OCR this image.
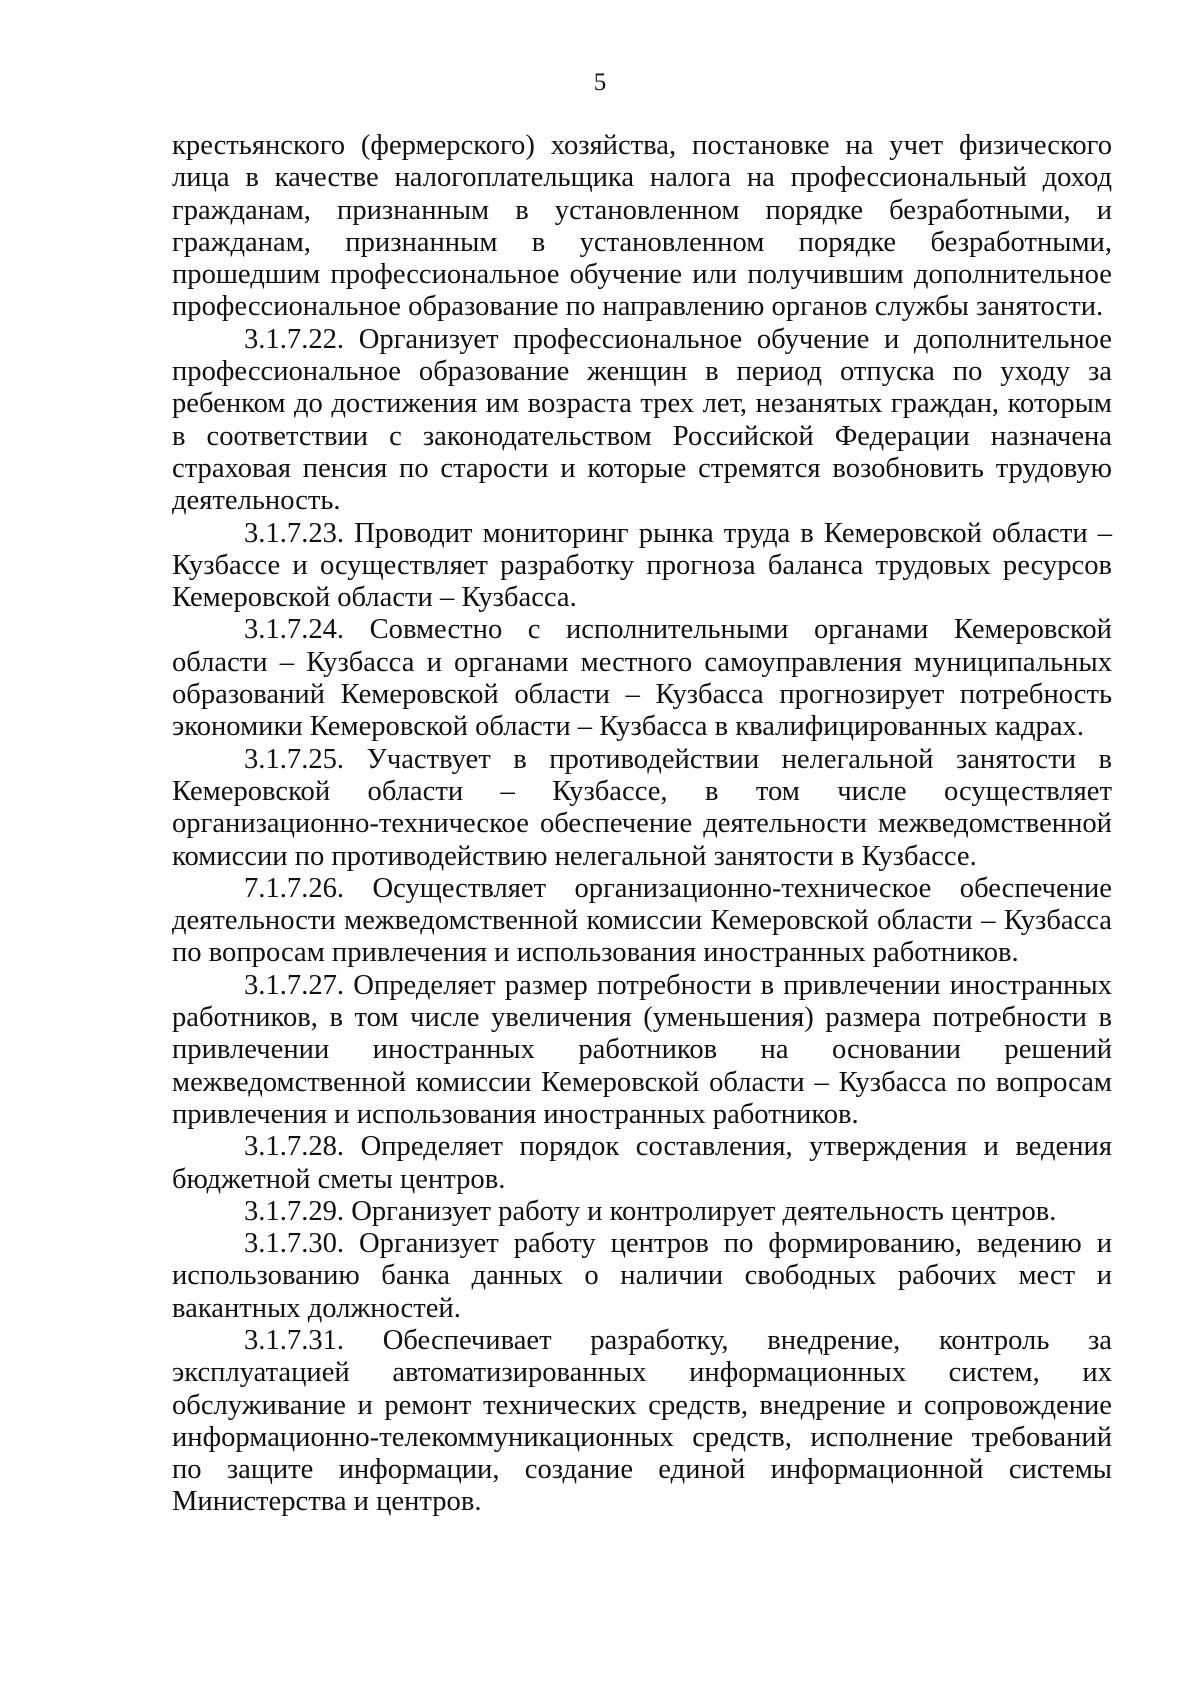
5

крестьянского (фермерского) хозяйства, постановке на учет физического лица в качестве налогоплательщика налога на профессиональный доход гражданам, признанным в установленном порядке безработными, и гражданам, признанным в установленном порядке безработными, прошедшим профессиональное обучение или получившим дополнительное профессиональное образование по направлению органов службы занятости.

3.1.7.22. Организует профессиональное обучение и дополнительное профессиональное образование женщин в период отпуска по уходу за ребенком до достижения им возраста трех лет, незанятых граждан, которым в соответствии с законодательством Российской Федерации назначена страховая пенсия по старости и которые стремятся возобновить трудовую деятельность.

3.1.7.23. Проводит мониторинг рынка труда в Кемеровской области – Кузбассе и осуществляет разработку прогноза баланса трудовых ресурсов Кемеровской области – Кузбасса.

3.1.7.24. Совместно с исполнительными органами Кемеровской области – Кузбасса и органами местного самоуправления муниципальных образований Кемеровской области – Кузбасса прогнозирует потребность экономики Кемеровской области – Кузбасса в квалифицированных кадрах.

3.1.7.25. Участвует в противодействии нелегальной занятости в Кемеровской области – Кузбассе, в том числе осуществляет организационно-техническое обеспечение деятельности межведомственной комиссии по противодействию нелегальной занятости в Кузбассе.

7.1.7.26. Осуществляет организационно-техническое обеспечение деятельности межведомственной комиссии Кемеровской области – Кузбасса по вопросам привлечения и использования иностранных работников.

3.1.7.27. Определяет размер потребности в привлечении иностранных работников, в том числе увеличения (уменьшения) размера потребности в привлечении иностранных работников на основании решений межведомственной комиссии Кемеровской области – Кузбасса по вопросам привлечения и использования иностранных работников.

3.1.7.28. Определяет порядок составления, утверждения и ведения бюджетной сметы центров.

3.1.7.29. Организует работу и контролирует деятельность центров.

3.1.7.30. Организует работу центров по формированию, ведению и использованию банка данных о наличии свободных рабочих мест и вакантных должностей.

3.1.7.31. Обеспечивает разработку, внедрение, контроль за эксплуатацией автоматизированных информационных систем, их обслуживание и ремонт технических средств, внедрение и сопровождение информационно-телекоммуникационных средств, исполнение требований по защите информации, создание единой информационной системы Министерства и центров.
